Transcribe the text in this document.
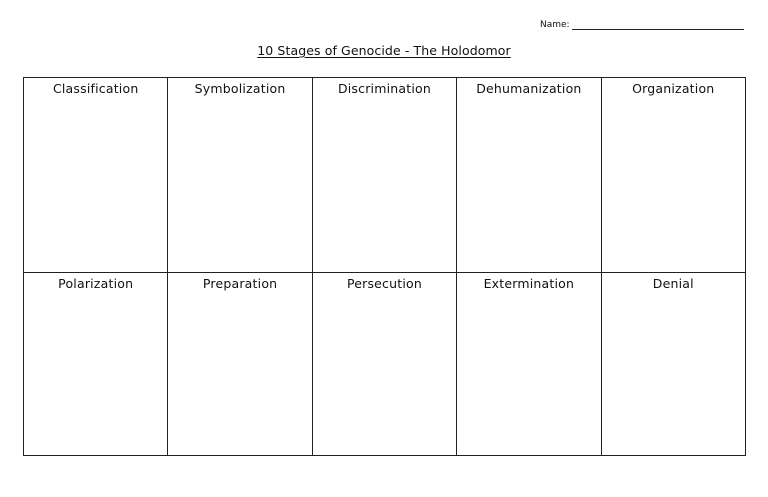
Name:
10 Stages of Genocide - The Holodomor
Classification	Symbolization	Discrimination	Dehumanization	Organization

Polarization	Preparation	Persecution	Extermination	Denial
